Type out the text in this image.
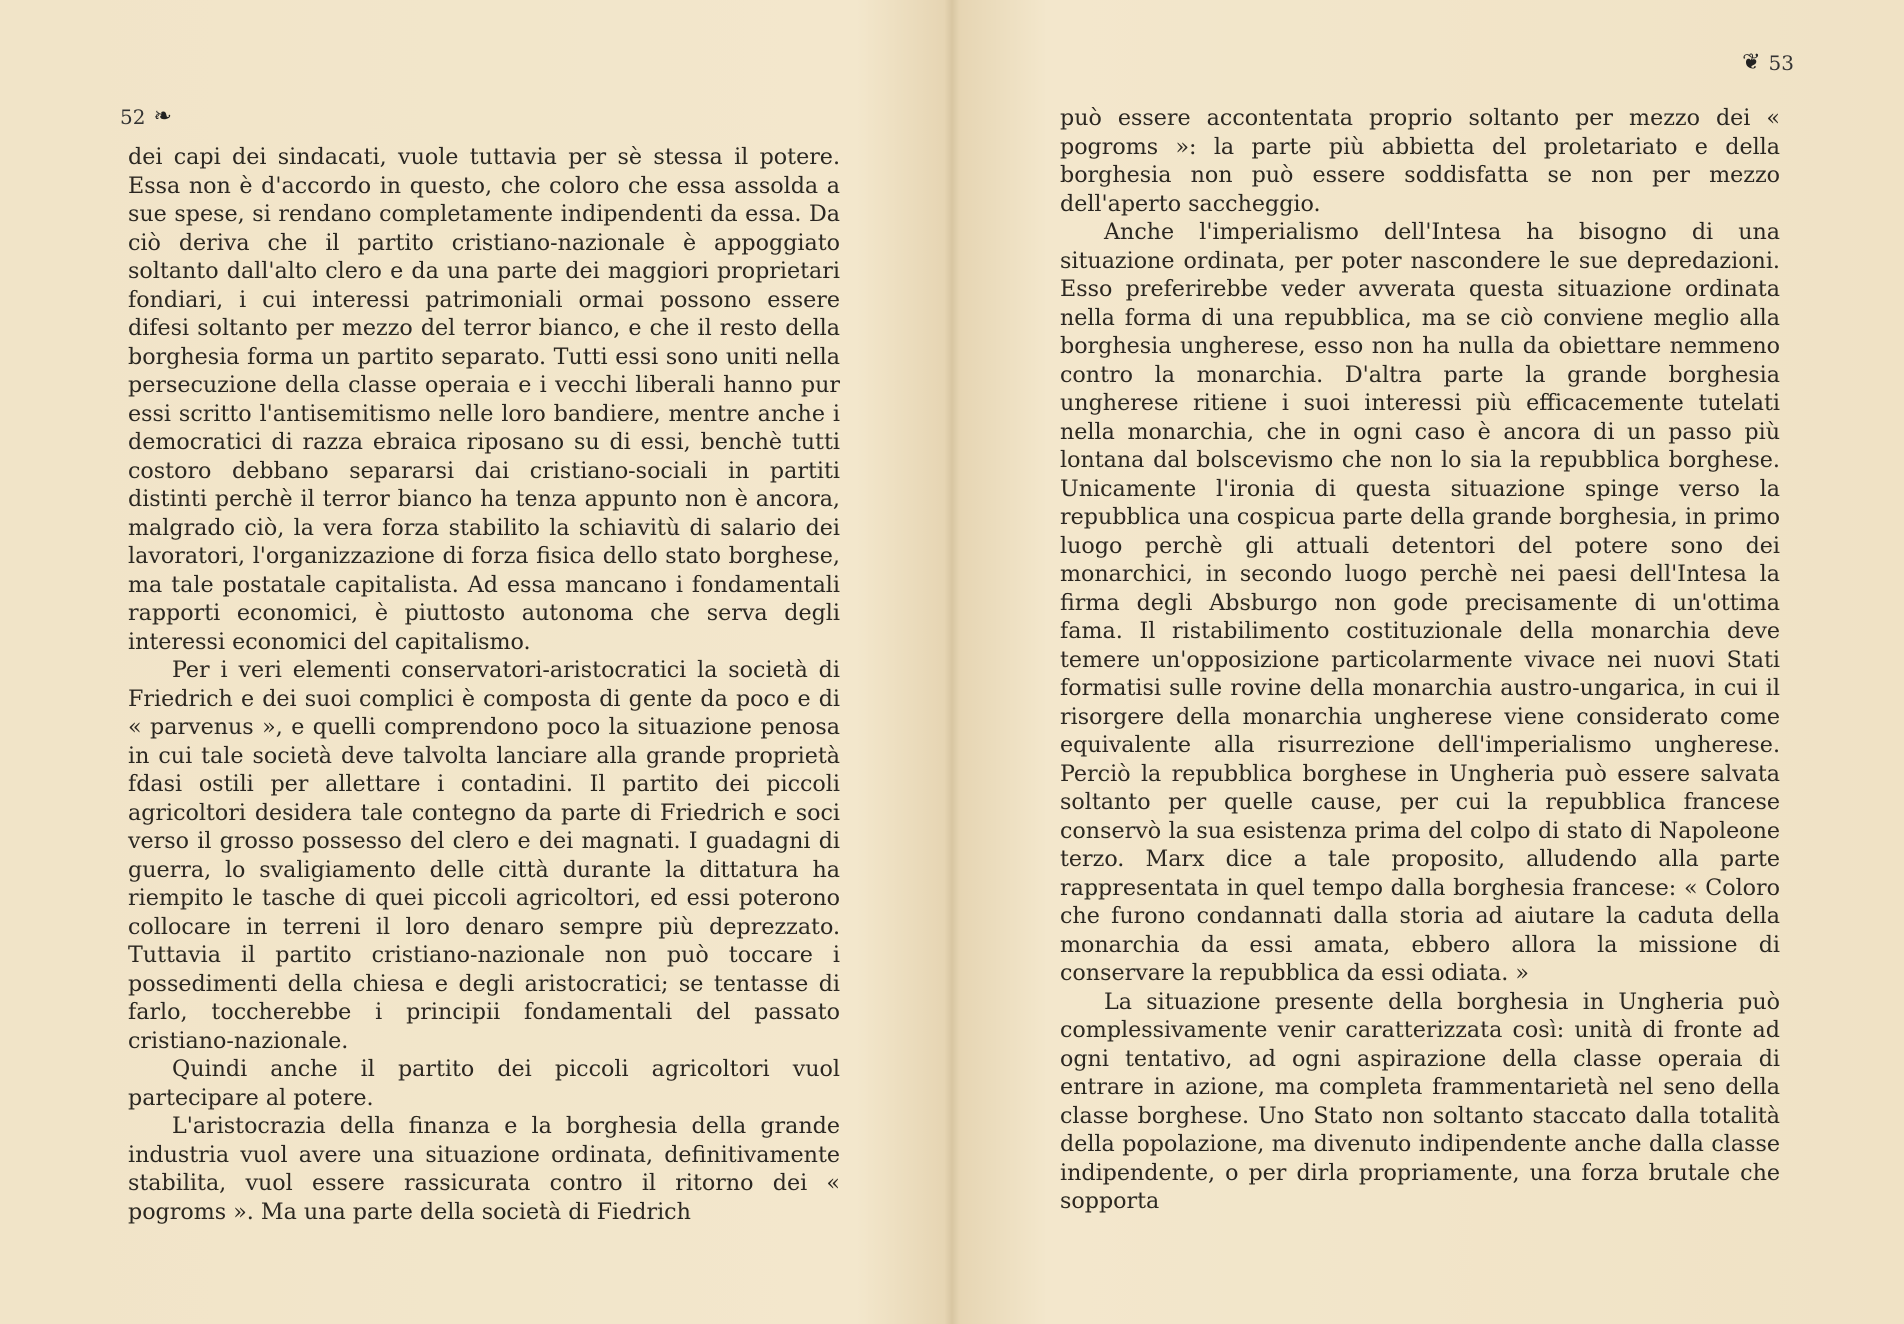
52 ❧

dei capi dei sindacati, vuole tuttavia per sè stessa il potere. Essa non è d'accordo in questo, che coloro che essa assolda a sue spese, si rendano completamente indipendenti da essa. Da ciò deriva che il partito cristiano-nazionale è appoggiato soltanto dall'alto clero e da una parte dei maggiori proprietari fondiari, i cui interessi patrimoniali ormai possono essere difesi soltanto per mezzo del terror bianco, e che il resto della borghesia forma un partito separato. Tutti essi sono uniti nella persecuzione della classe operaia e i vecchi liberali hanno pur essi scritto l'antisemitismo nelle loro bandiere, mentre anche i democratici di razza ebraica riposano su di essi, benchè tutti costoro debbano separarsi dai cristiano-sociali in partiti distinti perchè il terror bianco ha tenza appunto non è ancora, malgrado ciò, la vera forza stabilito la schiavitù di salario dei lavoratori, l'organizzazione di forza fisica dello stato borghese, ma tale postatale capitalista. Ad essa mancano i fondamentali rapporti economici, è piuttosto autonoma che serva degli interessi economici del capitalismo.

Per i veri elementi conservatori-aristocratici la società di Friedrich e dei suoi complici è composta di gente da poco e di « parvenus », e quelli comprendono poco la situazione penosa in cui tale società deve talvolta lanciare alla grande proprietà fdasi ostili per allettare i contadini. Il partito dei piccoli agricoltori desidera tale contegno da parte di Friedrich e soci verso il grosso possesso del clero e dei magnati. I guadagni di guerra, lo svaligiamento delle città durante la dittatura ha riempito le tasche di quei piccoli agricoltori, ed essi poterono collocare in terreni il loro denaro sempre più deprezzato. Tuttavia il partito cristiano-nazionale non può toccare i possedimenti della chiesa e degli aristocratici; se tentasse di farlo, toccherebbe i principii fondamentali del passato cristiano-nazionale.

Quindi anche il partito dei piccoli agricoltori vuol partecipare al potere.

L'aristocrazia della finanza e la borghesia della grande industria vuol avere una situazione ordinata, definitivamente stabilita, vuol essere rassicurata contro il ritorno dei « pogroms ». Ma una parte della società di Fiedrich

❦ 53

può essere accontentata proprio soltanto per mezzo dei « pogroms »: la parte più abbietta del proletariato e della borghesia non può essere soddisfatta se non per mezzo dell'aperto saccheggio.

Anche l'imperialismo dell'Intesa ha bisogno di una situazione ordinata, per poter nascondere le sue depredazioni. Esso preferirebbe veder avverata questa situazione ordinata nella forma di una repubblica, ma se ciò conviene meglio alla borghesia ungherese, esso non ha nulla da obiettare nemmeno contro la monarchia. D'altra parte la grande borghesia ungherese ritiene i suoi interessi più efficacemente tutelati nella monarchia, che in ogni caso è ancora di un passo più lontana dal bolscevismo che non lo sia la repubblica borghese. Unicamente l'ironia di questa situazione spinge verso la repubblica una cospicua parte della grande borghesia, in primo luogo perchè gli attuali detentori del potere sono dei monarchici, in secondo luogo perchè nei paesi dell'Intesa la firma degli Absburgo non gode precisamente di un'ottima fama. Il ristabilimento costituzionale della monarchia deve temere un'opposizione particolarmente vivace nei nuovi Stati formatisi sulle rovine della monarchia austro-ungarica, in cui il risorgere della monarchia ungherese viene considerato come equivalente alla risurrezione dell'imperialismo ungherese. Perciò la repubblica borghese in Ungheria può essere salvata soltanto per quelle cause, per cui la repubblica francese conservò la sua esistenza prima del colpo di stato di Napoleone terzo. Marx dice a tale proposito, alludendo alla parte rappresentata in quel tempo dalla borghesia francese: « Coloro che furono condannati dalla storia ad aiutare la caduta della monarchia da essi amata, ebbero allora la missione di conservare la repubblica da essi odiata. »

La situazione presente della borghesia in Ungheria può complessivamente venir caratterizzata così: unità di fronte ad ogni tentativo, ad ogni aspirazione della classe operaia di entrare in azione, ma completa frammentarietà nel seno della classe borghese. Uno Stato non soltanto staccato dalla totalità della popolazione, ma divenuto indipendente anche dalla classe indipendente, o per dirla propriamente, una forza brutale che sopporta
